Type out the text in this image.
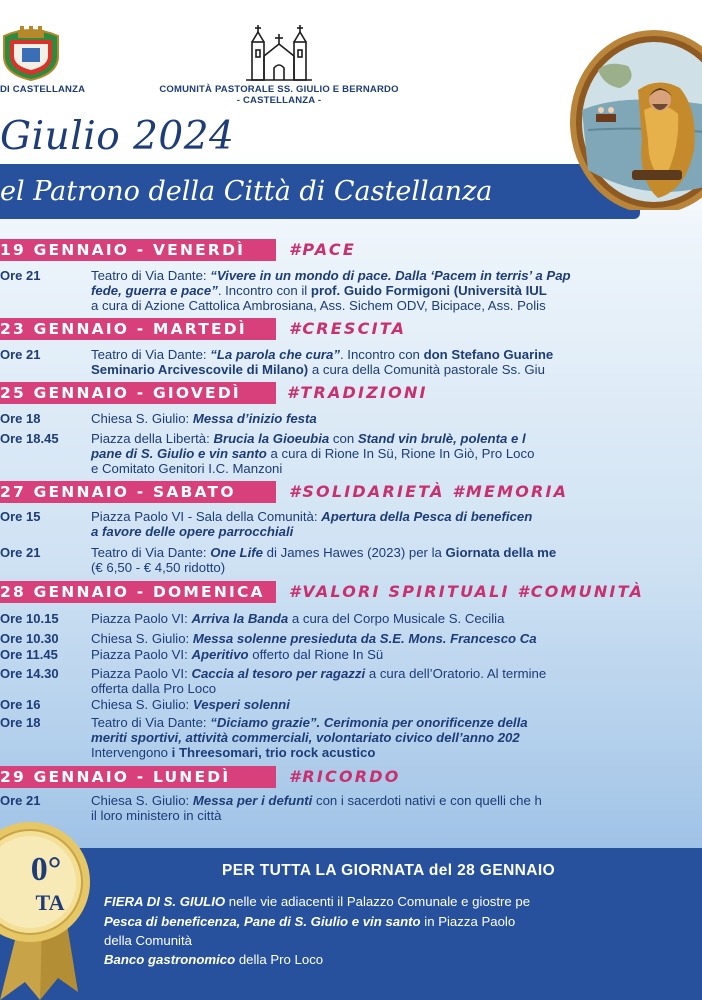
DI CASTELLANZA	COMUNITÀ PASTORALE SS. GIULIO E BERNARDO
- CASTELLANZA -
Giulio 2024
el Patrono della Città di Castellanza
19 GENNAIO - VENERDÌ	#PACE
Ore 21	Teatro di Via Dante: “Vivere in un mondo di pace. Dalla ‘Pacem in terris’ a Pap
fede, guerra e pace”. Incontro con il prof. Guido Formigoni (Università IUL
a cura di Azione Cattolica Ambrosiana, Ass. Sichem ODV, Bicipace, Ass. Polis
23 GENNAIO - MARTEDÌ	#CRESCITA
Ore 21	Teatro di Via Dante: “La parola che cura”. Incontro con don Stefano Guarine
Seminario Arcivescovile di Milano) a cura della Comunità pastorale Ss. Giu
25 GENNAIO - GIOVEDÌ	#TRADIZIONI
Ore 18	Chiesa S. Giulio: Messa d’inizio festa
Ore 18.45 Piazza della Libertà: Brucia la Gioeubia con Stand vin brulè, polenta e l
pane di S. Giulio e vin santo a cura di Rione In Sü, Rione In Giò, Pro Loco
e Comitato Genitori I.C. Manzoni
27 GENNAIO - SABATO	#SOLIDARIETÀ #MEMORIA
Ore 15	Piazza Paolo VI - Sala della Comunità: Apertura della Pesca di beneficen
a favore delle opere parrocchiali
Ore 21	Teatro di Via Dante: One Life di James Hawes (2023) per la Giornata della me
(€ 6,50 - € 4,50 ridotto)
28 GENNAIO - DOMENICA	#VALORI SPIRITUALI #COMUNITÀ
Ore 10.15 Piazza Paolo VI: Arriva la Banda a cura del Corpo Musicale S. Cecilia
Ore 10.30 Chiesa S. Giulio: Messa solenne presieduta da S.E. Mons. Francesco Ca
Ore 11.45	Piazza Paolo VI: Aperitivo offerto dal Rione In Sü
Ore 14.30 Piazza Paolo VI: Caccia al tesoro per ragazzi a cura dell’Oratorio. Al termine
offerta dalla Pro Loco
Ore 16	Chiesa S. Giulio: Vesperi solenni
Ore 18	Teatro di Via Dante: “Diciamo grazie”. Cerimonia per onorificenze della
meriti sportivi, attività commerciali, volontariato civico dell’anno 202
Intervengono i Threesomari, trio rock acustico
29 GENNAIO - LUNEDÌ	#RICORDO
Ore 21	Chiesa S. Giulio: Messa per i defunti con i sacerdoti nativi e con quelli che h
il loro ministero in città
PER TUTTA LA GIORNATA del 28 GENNAIO
FIERA DI S. GIULIO nelle vie adiacenti il Palazzo Comunale e giostre pe
Pesca di beneficenza, Pane di S. Giulio e vin santo in Piazza Paolo
della Comunità
Banco gastronomico della Pro Loco
0°
TA
